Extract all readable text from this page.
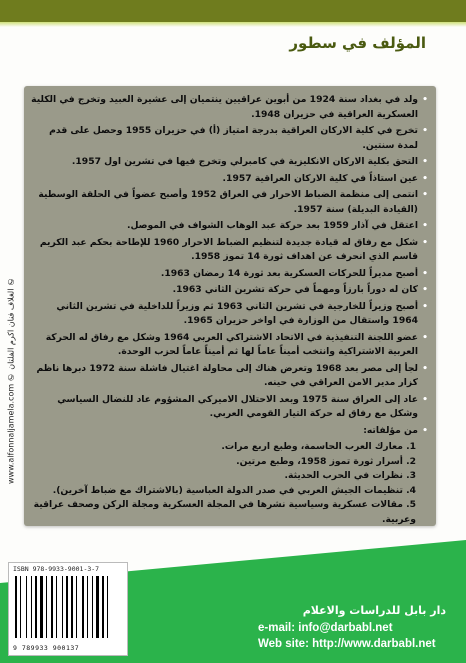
المؤلف في سطور
www.alfonnaljamela.com ✆ الغلاف فنان اكرم الفلتان ✆
• ولد في بغداد سنة 1924 من أبوين عراقيين ينتميان إلى عشيرة العبيد وتخرج في الكلية العسكرية العراقية في حزيران 1948.
• تخرج في كلية الاركان العراقية بدرجة امتياز (أ) في حزيران 1955 وحصل على قدم لمدة سنتين.
• التحق بكلية الاركان الانكليزية في كامبرلي وتخرج فيها في تشرين اول 1957.
• عين استاذاً في كلية الاركان العراقية 1957.
• انتمى إلى منظمة الضباط الاحرار في العراق 1952 وأصبح عضواً في الحلقة الوسطية (القيادة البديلة) سنة 1957.
• اعتقل في آذار 1959 بعد حركة عبد الوهاب الشواف في الموصل.
• شكل مع رفاق له قيادة جديدة لتنظيم الضباط الاحرار 1960 للإطاحة بحكم عبد الكريم قاسم الذي انحرف عن اهداف ثورة 14 تموز 1958.
• أصبح مديراً للحركات العسكرية بعد ثورة 14 رمضان 1963.
• كان له دوراً بارزاً ومهماً في حركة تشرين الثاني 1963.
• أصبح وزيراً للخارجية في تشرين الثاني 1963 ثم وزيراً للداخلية في تشرين الثاني 1964 واستقال من الوزارة في اواخر حزيران 1965.
• عضو اللجنة التنفيذية في الاتحاد الاشتراكي العربي 1964 وشكل مع رفاق له الحركة العربية الاشتراكية وانتخب أميناً عاماً لها ثم أميناً عاماً لحزب الوحدة.
• لجأ إلى مصر بعد 1968 وتعرض هناك إلى محاولة اغتيال فاشلة سنة 1972 دبرها ناظم كزار مدير الامن العراقي في حينه.
• عاد إلى العراق سنة 1975 وبعد الاحتلال الاميركي المشؤوم عاد للنضال السياسي وشكل مع رفاق له حركة التيار القومي العربي.
• من مؤلفاته:
1. معارك العرب الحاسمة، وطبع اربع مرات.
2. أسرار ثورة تموز 1958، وطبع مرتين.
3. نظرات في الحرب الحديثة.
4. تنظيمات الجيش العربي في صدر الدولة العباسية (بالاشتراك مع ضباط آخرين).
5. مقالات عسكرية وسياسية نشرها في المجلة العسكرية ومجلة الركن وصحف عراقية وعربية.
ISBN 978-9933-9001-3-7
9 789933 900137
دار بابل للدراسات والاعلام
e-mail: info@darbabl.net
Web site: http://www.darbabl.net
